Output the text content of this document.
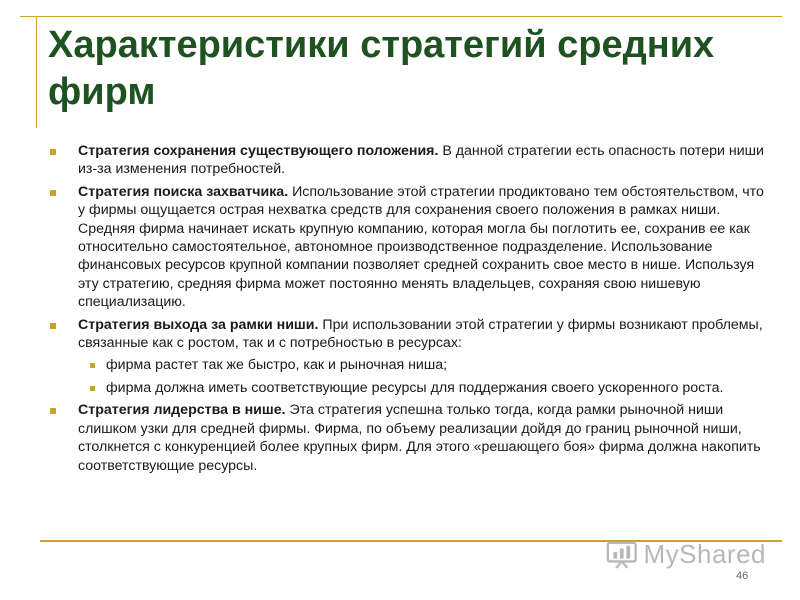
Характеристики стратегий средних фирм
Стратегия сохранения существующего положения. В данной стратегии есть опасность потери ниши из-за изменения потребностей.
Стратегия поиска захватчика. Использование этой стратегии продиктовано тем обстоятельством, что у фирмы ощущается острая нехватка средств для сохранения своего положения в рамках ниши. Средняя фирма начинает искать крупную компанию, которая могла бы поглотить ее, сохранив ее как относительно самостоятельное, автономное производственное подразделение. Использование финансовых ресурсов крупной компании позволяет средней сохранить свое место в нише. Используя эту стратегию, средняя фирма может постоянно менять владельцев, сохраняя свою нишевую специализацию.
Стратегия выхода за рамки ниши. При использовании этой стратегии у фирмы возникают проблемы, связанные как с ростом, так и с потребностью в ресурсах:
фирма растет так же быстро, как и рыночная ниша;
фирма должна иметь соответствующие ресурсы для поддержания своего ускоренного роста.
Стратегия лидерства в нише. Эта стратегия успешна только тогда, когда рамки рыночной ниши слишком узки для средней фирмы. Фирма, по объему реализации дойдя до границ рыночной ниши, столкнется с конкуренцией более крупных фирм. Для этого «решающего боя» фирма должна накопить соответствующие ресурсы.
MyShared
46
